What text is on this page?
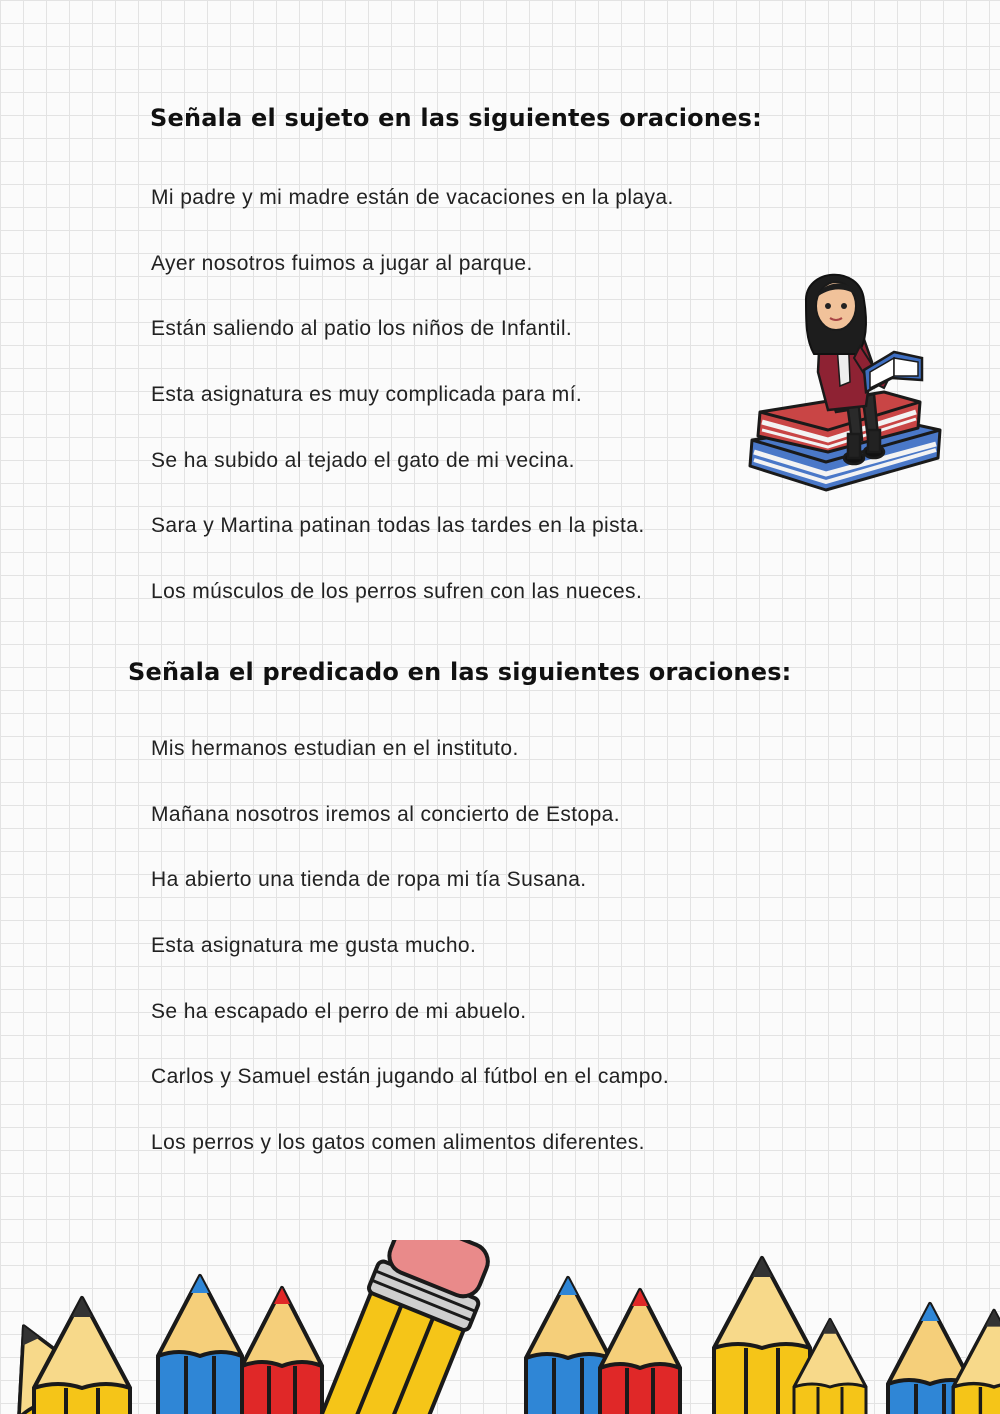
Señala el sujeto en las siguientes oraciones:
Mi padre y mi madre están de vacaciones en la playa.
Ayer nosotros fuimos a jugar al parque.
Están saliendo al patio los niños de Infantil.
Esta asignatura es muy complicada para mí.
Se ha subido al tejado el gato de mi vecina.
Sara y Martina patinan todas las tardes en la pista.
Los músculos de los perros sufren con las nueces.
Señala el predicado en las siguientes oraciones:
Mis hermanos estudian en el instituto.
Mañana nosotros iremos al concierto de Estopa.
Ha abierto una tienda de ropa mi tía Susana.
Esta asignatura me gusta mucho.
Se ha escapado el perro de mi abuelo.
Carlos y Samuel están jugando al fútbol en el campo.
Los perros y los gatos comen alimentos diferentes.
